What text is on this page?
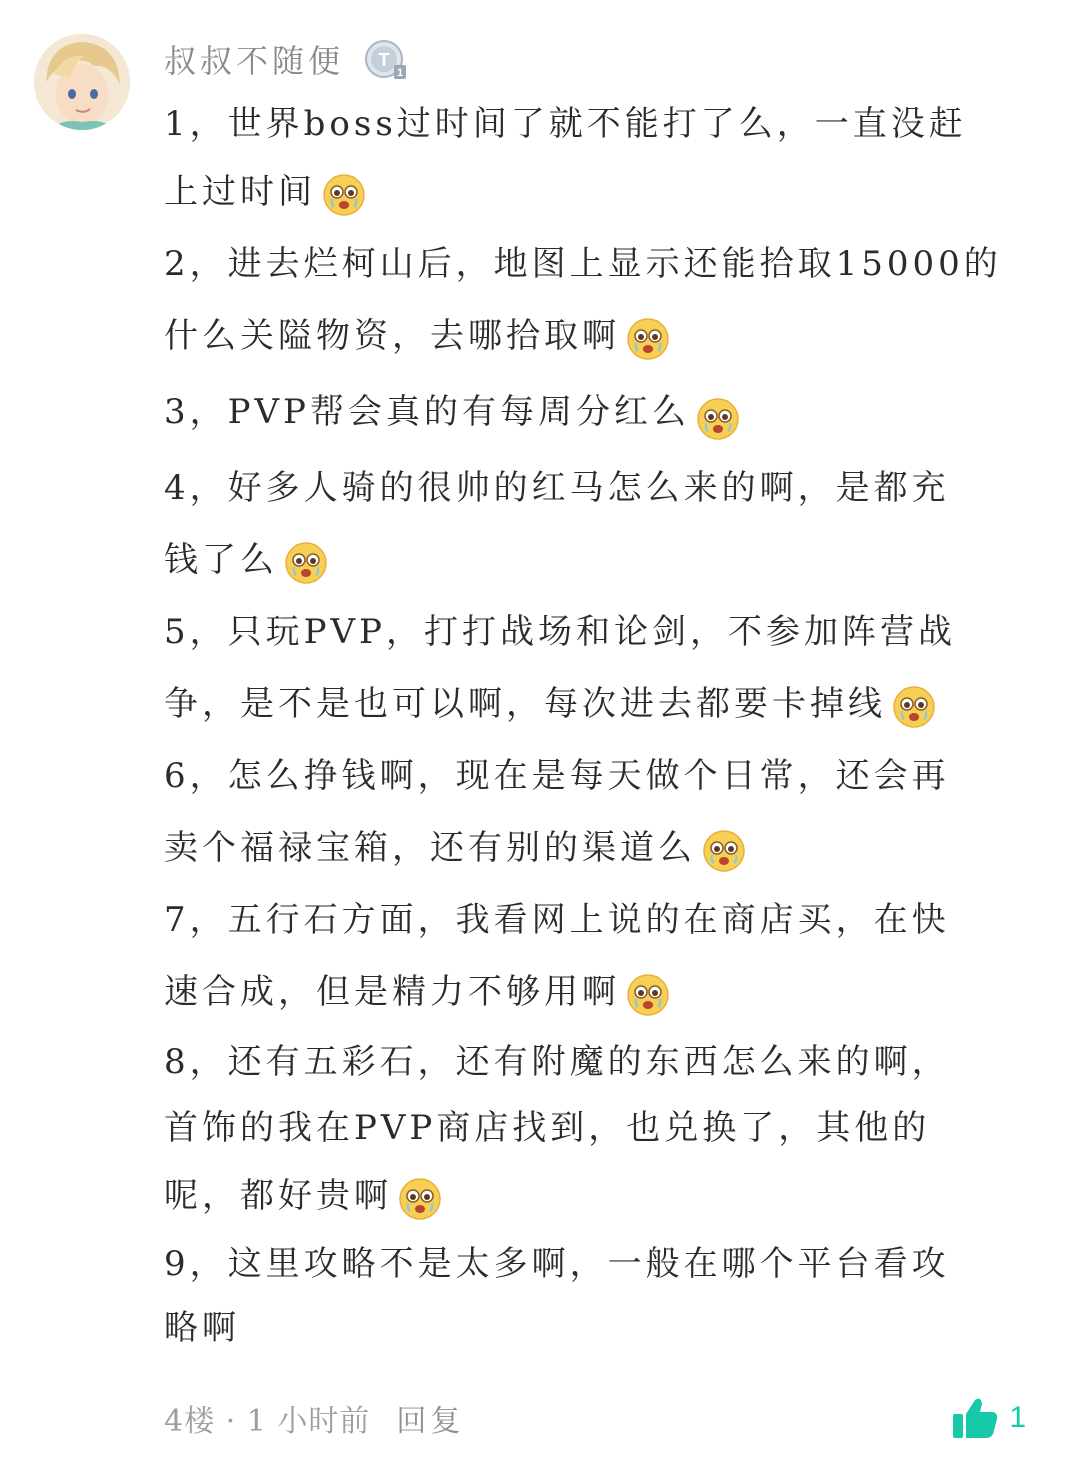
叔叔不随便 T
1
1，世界boss过时间了就不能打了么，一直没赶
上过时间
2，进去烂柯山后，地图上显示还能拾取15000的
什么关隘物资，去哪拾取啊
3，PVP帮会真的有每周分红么
4，好多人骑的很帅的红马怎么来的啊，是都充
钱了么
5，只玩PVP，打打战场和论剑，不参加阵营战
争，是不是也可以啊，每次进去都要卡掉线
6，怎么挣钱啊，现在是每天做个日常，还会再
卖个福禄宝箱，还有别的渠道么
7，五行石方面，我看网上说的在商店买，在快
速合成，但是精力不够用啊
8，还有五彩石，还有附魔的东西怎么来的啊，
首饰的我在PVP商店找到，也兑换了，其他的
呢，都好贵啊
9，这里攻略不是太多啊，一般在哪个平台看攻
略啊
4楼 · 1 小时前 回复	1
